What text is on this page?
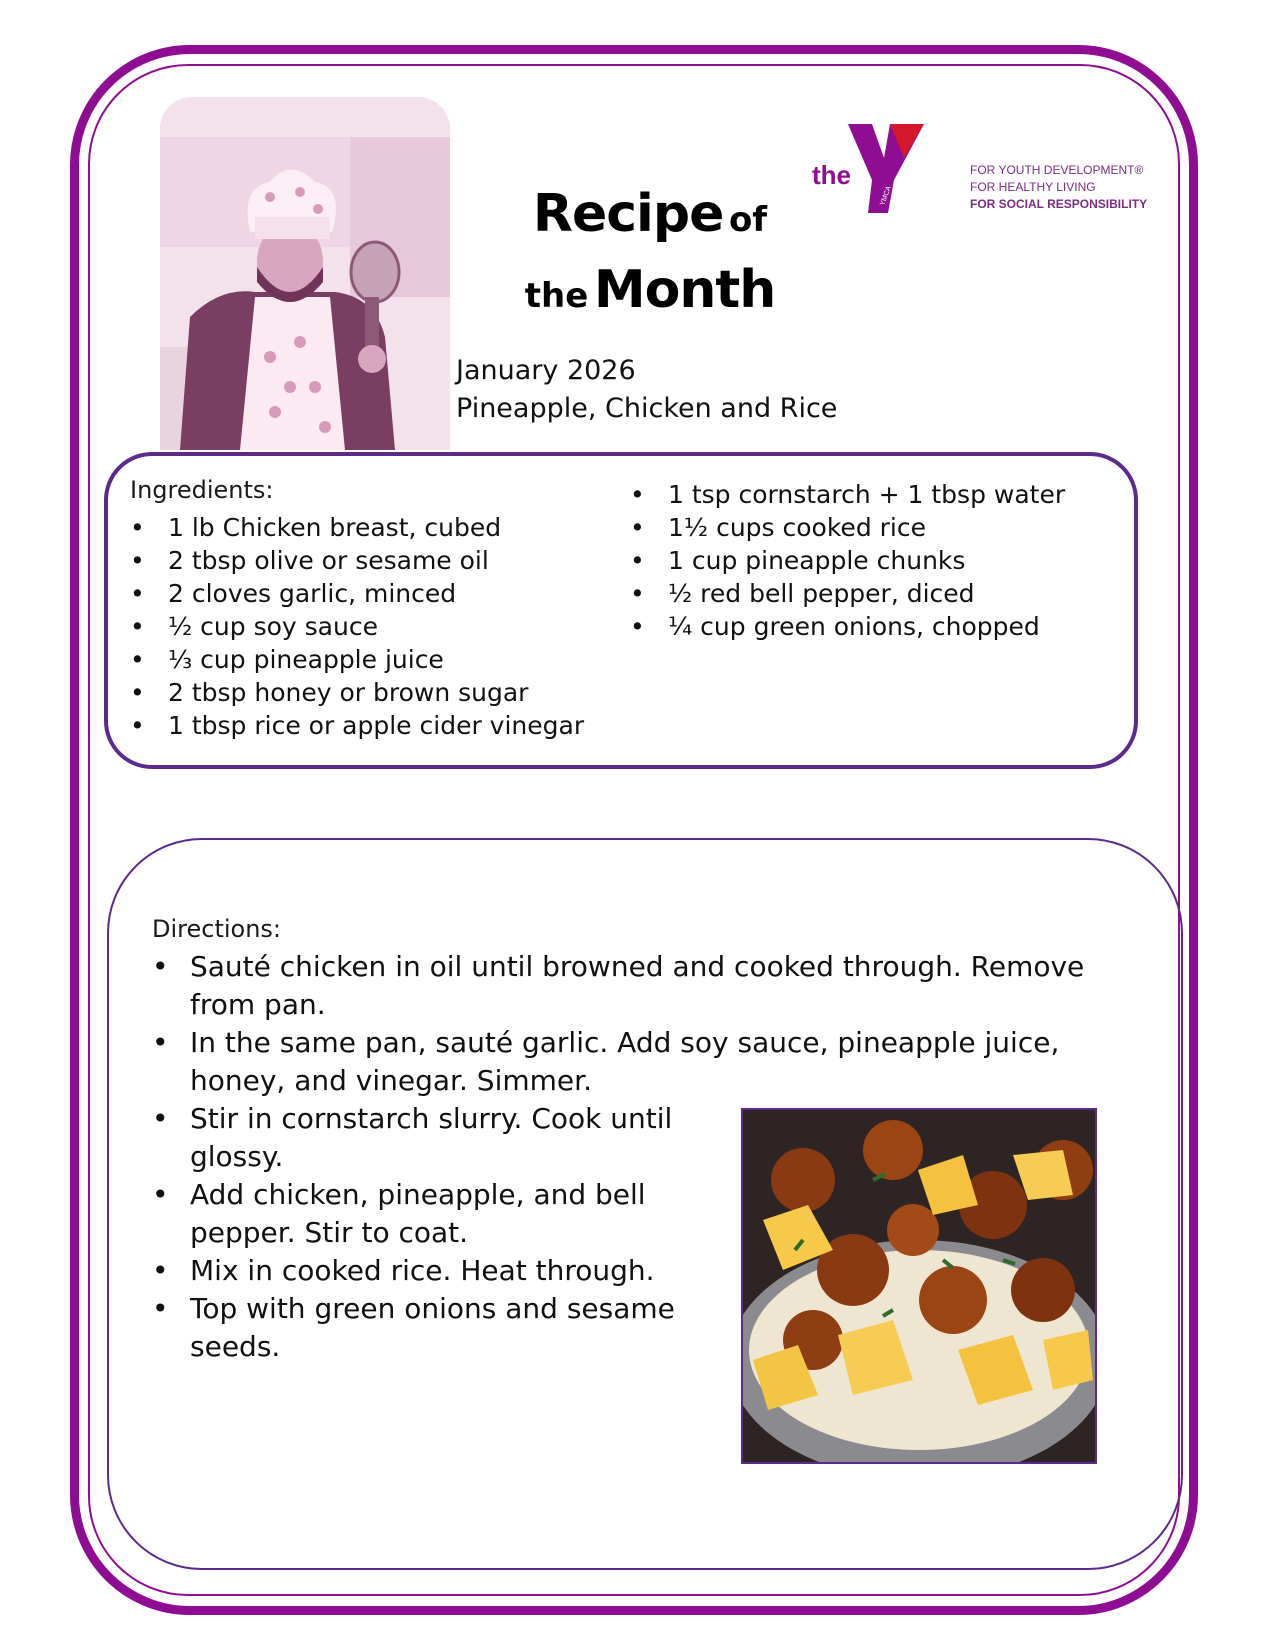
Recipe of
the Month
the
YMCA
FOR YOUTH DEVELOPMENT®
FOR HEALTHY LIVING
FOR SOCIAL RESPONSIBILITY
January 2026
Pineapple, Chicken and Rice
Ingredients:
• 1 lb Chicken breast, cubed
• 2 tbsp olive or sesame oil
• 2 cloves garlic, minced
• ½ cup soy sauce
• ⅓ cup pineapple juice
• 2 tbsp honey or brown sugar
• 1 tbsp rice or apple cider vinegar
• 1 tsp cornstarch + 1 tbsp water
• 1½ cups cooked rice
• 1 cup pineapple chunks
• ½ red bell pepper, diced
• ¼ cup green onions, chopped
Directions:
• Sauté chicken in oil until browned and cooked through. Remove from pan.
• In the same pan, sauté garlic. Add soy sauce, pineapple juice, honey, and vinegar. Simmer.
• Stir in cornstarch slurry. Cook until glossy.
• Add chicken, pineapple, and bell pepper. Stir to coat.
• Mix in cooked rice. Heat through.
• Top with green onions and sesame seeds.
